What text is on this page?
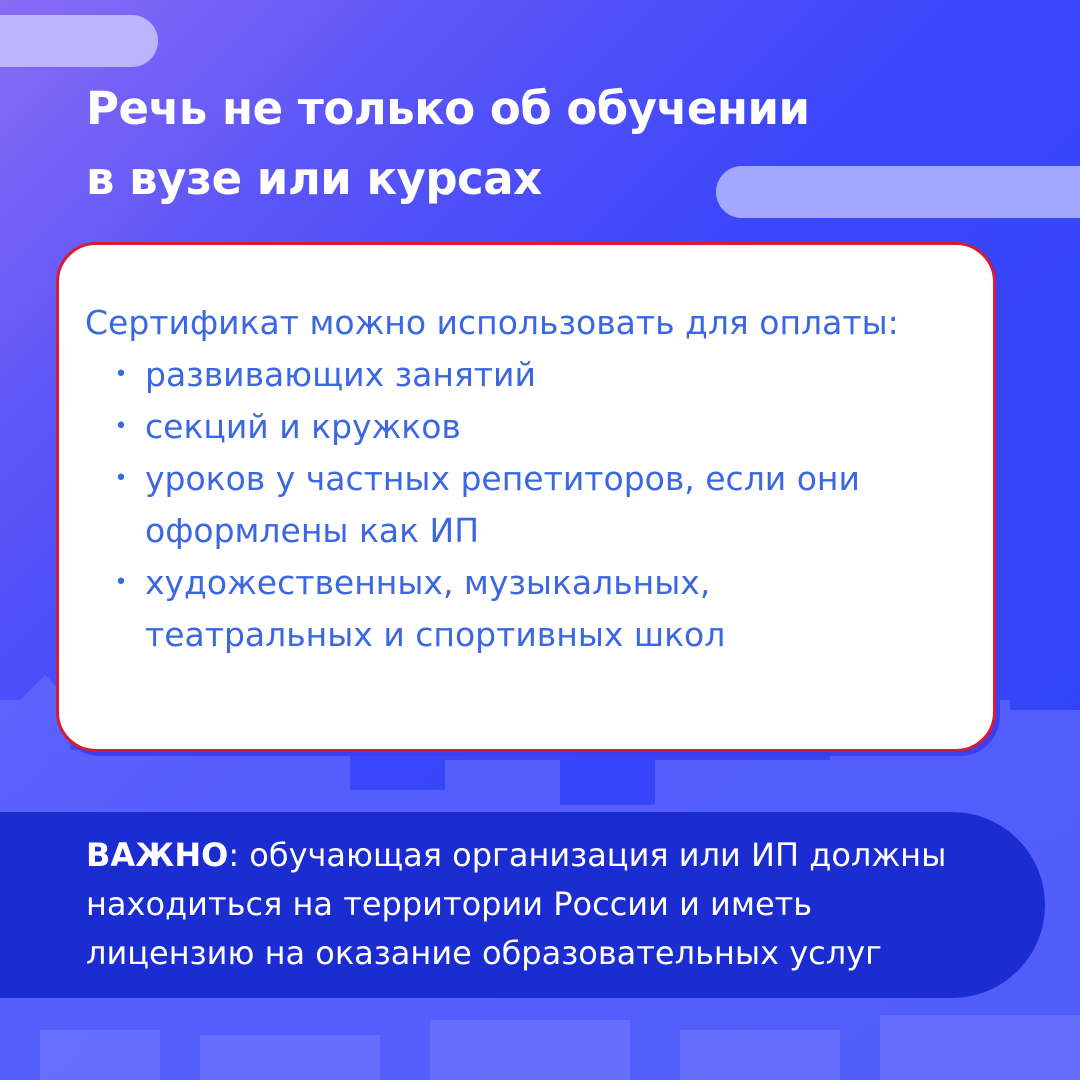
Речь не только об обучении
в вузе или курсах

Сертификат можно использовать для оплаты:

• развивающих занятий
• секций и кружков
• уроков у частных репетиторов, если они
оформлены как ИП
• художественных, музыкальных,
театральных и спортивных школ

ВАЖНО: обучающая организация или ИП должны
находиться на территории России и иметь
лицензию на оказание образовательных услуг
